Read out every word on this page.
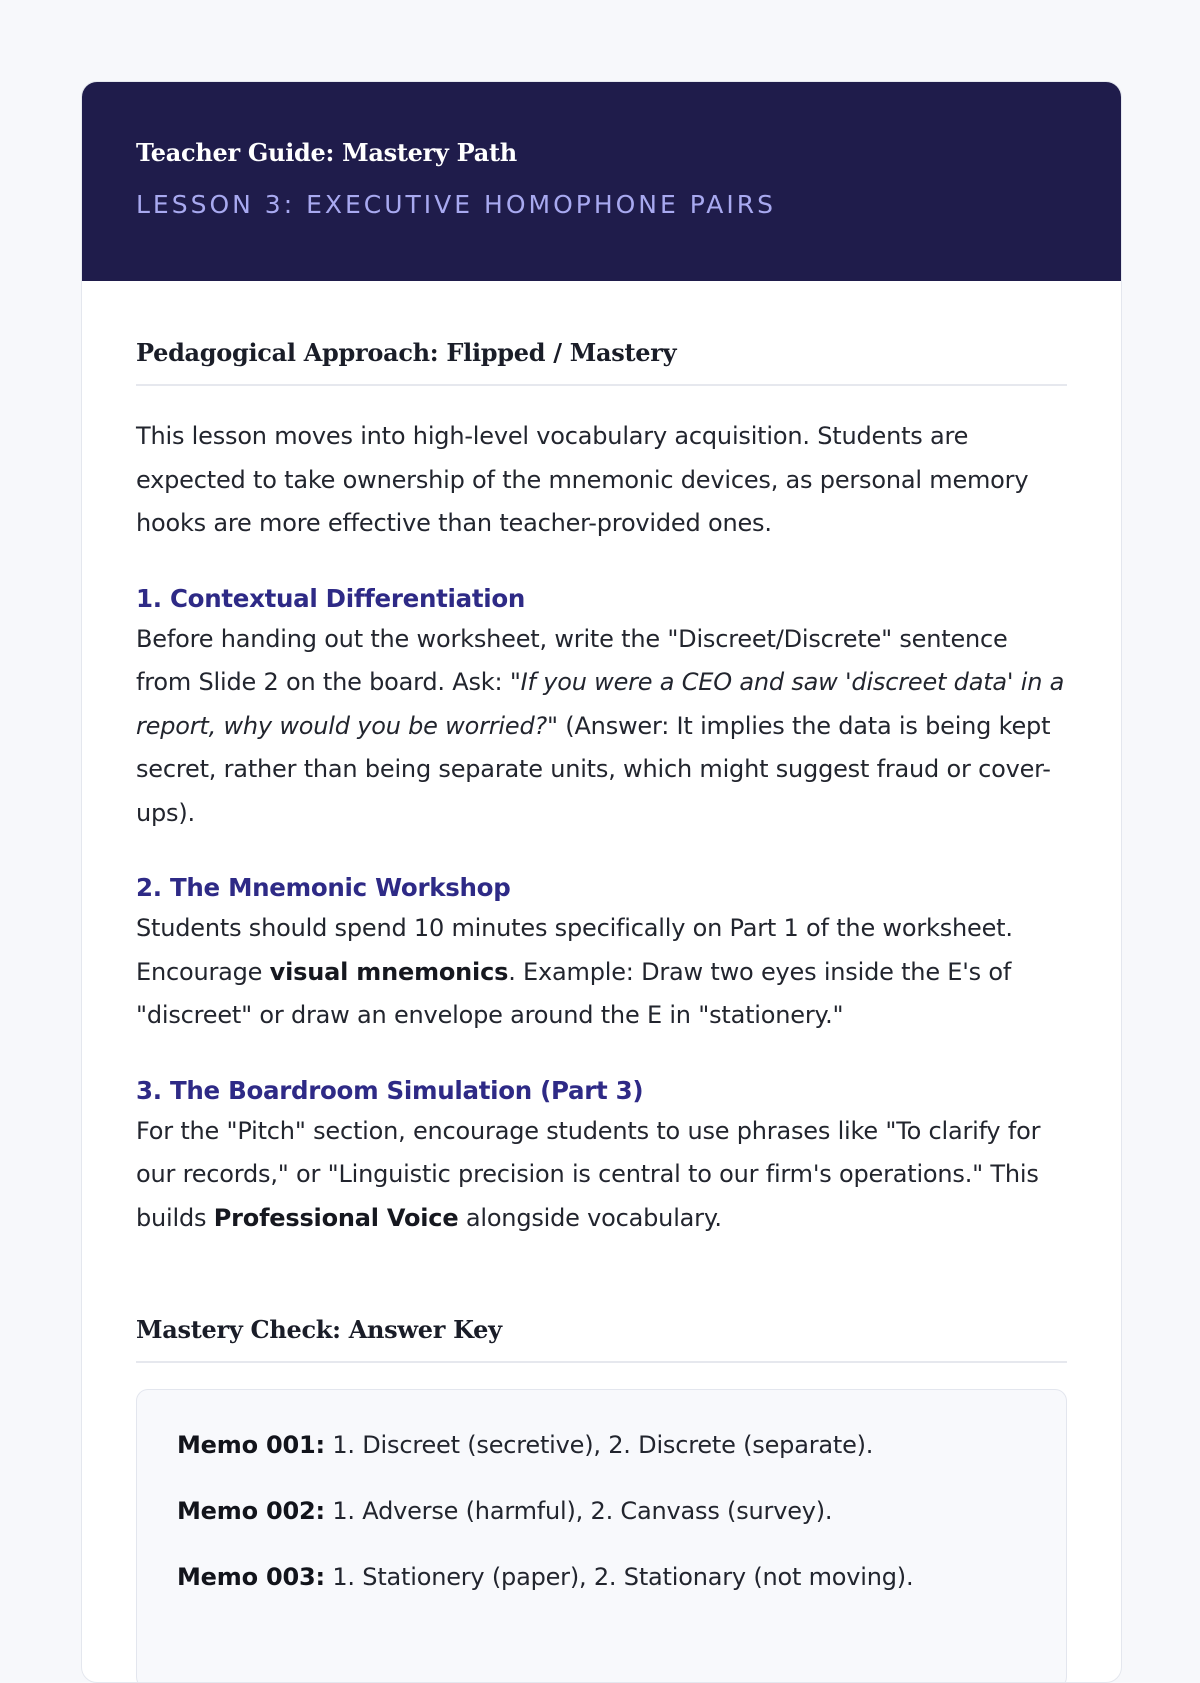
Teacher Guide: Mastery Path
LESSON 3: EXECUTIVE HOMOPHONE PAIRS
Pedagogical Approach: Flipped / Mastery

This lesson moves into high-level vocabulary acquisition. Students are expected to take ownership of the mnemonic devices, as personal memory hooks are more effective than teacher-provided ones.

1. Contextual Differentiation

Before handing out the worksheet, write the "Discreet/Discrete" sentence from Slide 2 on the board. Ask: "If you were a CEO and saw 'discreet data' in a report, why would you be worried?" (Answer: It implies the data is being kept secret, rather than being separate units, which might suggest fraud or cover-ups).

2. The Mnemonic Workshop

Students should spend 10 minutes specifically on Part 1 of the worksheet. Encourage visual mnemonics. Example: Draw two eyes inside the E's of "discreet" or draw an envelope around the E in "stationery."

3. The Boardroom Simulation (Part 3)

For the "Pitch" section, encourage students to use phrases like "To clarify for our records," or "Linguistic precision is central to our firm's operations." This builds Professional Voice alongside vocabulary.

Mastery Check: Answer Key
Memo 001: 1. Discreet (secretive), 2. Discrete (separate).
Memo 002: 1. Adverse (harmful), 2. Canvass (survey).
Memo 003: 1. Stationery (paper), 2. Stationary (not moving).
